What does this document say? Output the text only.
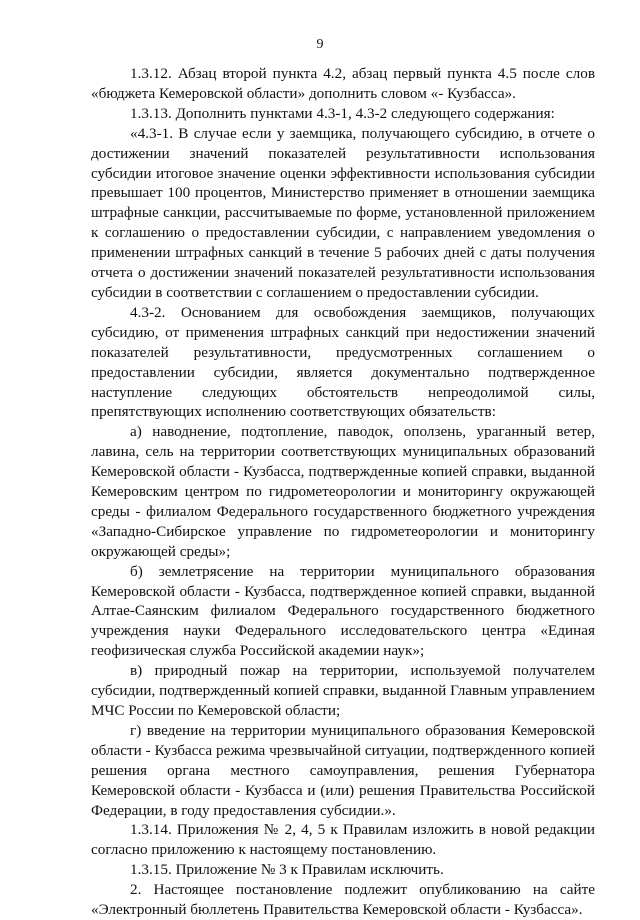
9

1.3.12. Абзац второй пункта 4.2, абзац первый пункта 4.5 после слов «бюджета Кемеровской области» дополнить словом «- Кузбасса».

1.3.13. Дополнить пунктами 4.3-1, 4.3-2 следующего содержания:

«4.3-1. В случае если у заемщика, получающего субсидию, в отчете о достижении значений показателей результативности использования субсидии итоговое значение оценки эффективности использования субсидии превышает 100 процентов, Министерство применяет в отношении заемщика штрафные санкции, рассчитываемые по форме, установленной приложением к соглашению о предоставлении субсидии, с направлением уведомления о применении штрафных санкций в течение 5 рабочих дней с даты получения отчета о достижении значений показателей результативности использования субсидии в соответствии с соглашением о предоставлении субсидии.

4.3-2. Основанием для освобождения заемщиков, получающих субсидию, от применения штрафных санкций при недостижении значений показателей результативности, предусмотренных соглашением о предоставлении субсидии, является документально подтвержденное наступление следующих обстоятельств непреодолимой силы, препятствующих исполнению соответствующих обязательств:

а) наводнение, подтопление, паводок, оползень, ураганный ветер, лавина, сель на территории соответствующих муниципальных образований Кемеровской области - Кузбасса, подтвержденные копией справки, выданной Кемеровским центром по гидрометеорологии и мониторингу окружающей среды - филиалом Федерального государственного бюджетного учреждения «Западно-Сибирское управление по гидрометеорологии и мониторингу окружающей среды»;

б) землетрясение на территории муниципального образования Кемеровской области - Кузбасса, подтвержденное копией справки, выданной Алтае-Саянским филиалом Федерального государственного бюджетного учреждения науки Федерального исследовательского центра «Единая геофизическая служба Российской академии наук»;

в) природный пожар на территории, используемой получателем субсидии, подтвержденный копией справки, выданной Главным управлением МЧС России по Кемеровской области;

г) введение на территории муниципального образования Кемеровской области - Кузбасса режима чрезвычайной ситуации, подтвержденного копией решения органа местного самоуправления, решения Губернатора Кемеровской области - Кузбасса и (или) решения Правительства Российской Федерации, в году предоставления субсидии.».

1.3.14. Приложения № 2, 4, 5 к Правилам изложить в новой редакции согласно приложению к настоящему постановлению.

1.3.15. Приложение № 3 к Правилам исключить.

2. Настоящее постановление подлежит опубликованию на сайте «Электронный бюллетень Правительства Кемеровской области - Кузбасса».
